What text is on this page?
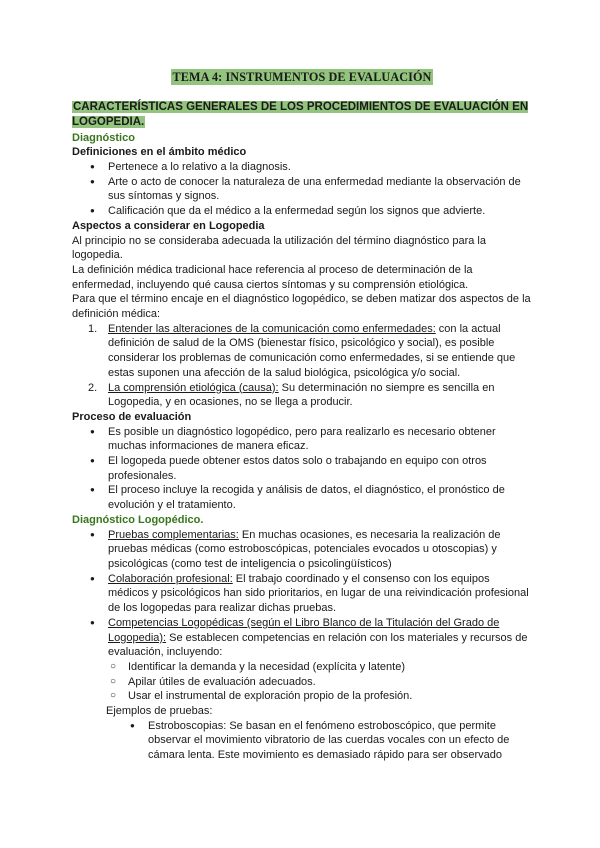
TEMA 4: INSTRUMENTOS DE EVALUACIÓN

CARACTERÍSTICAS GENERALES DE LOS PROCEDIMIENTOS DE EVALUACIÓN EN LOGOPEDIA.

Diagnóstico

Definiciones en el ámbito médico

● Pertenece a lo relativo a la diagnosis.
● Arte o acto de conocer la naturaleza de una enfermedad mediante la observación de sus síntomas y signos.
● Calificación que da el médico a la enfermedad según los signos que advierte.

Aspectos a considerar en Logopedia

Al principio no se consideraba adecuada la utilización del término diagnóstico para la logopedia.

La definición médica tradicional hace referencia al proceso de determinación de la enfermedad, incluyendo qué causa ciertos síntomas y su comprensión etiológica.

Para que el término encaje en el diagnóstico logopédico, se deben matizar dos aspectos de la definición médica:

1. Entender las alteraciones de la comunicación como enfermedades: con la actual definición de salud de la OMS (bienestar físico, psicológico y social), es posible considerar los problemas de comunicación como enfermedades, si se entiende que estas suponen una afección de la salud biológica, psicológica y/o social.
2. La comprensión etiológica (causa): Su determinación no siempre es sencilla en Logopedia, y en ocasiones, no se llega a producir.

Proceso de evaluación

● Es posible un diagnóstico logopédico, pero para realizarlo es necesario obtener muchas informaciones de manera eficaz.
● El logopeda puede obtener estos datos solo o trabajando en equipo con otros profesionales.
● El proceso incluye la recogida y análisis de datos, el diagnóstico, el pronóstico de evolución y el tratamiento.

Diagnóstico Logopédico.

● Pruebas complementarias: En muchas ocasiones, es necesaria la realización de pruebas médicas (como estroboscópicas, potenciales evocados u otoscopias) y psicológicas (como test de inteligencia o psicolingüísticos)
● Colaboración profesional: El trabajo coordinado y el consenso con los equipos médicos y psicológicos han sido prioritarios, en lugar de una reivindicación profesional de los logopedas para realizar dichas pruebas.
● Competencias Logopédicas (según el Libro Blanco de la Titulación del Grado de Logopedia): Se establecen competencias en relación con los materiales y recursos de evaluación, incluyendo:
○ Identificar la demanda y la necesidad (explícita y latente)
○ Apilar útiles de evaluación adecuados.
○ Usar el instrumental de exploración propio de la profesión.

Ejemplos de pruebas:

● Estroboscopias: Se basan en el fenómeno estroboscópico, que permite observar el movimiento vibratorio de las cuerdas vocales con un efecto de cámara lenta. Este movimiento es demasiado rápido para ser observado
